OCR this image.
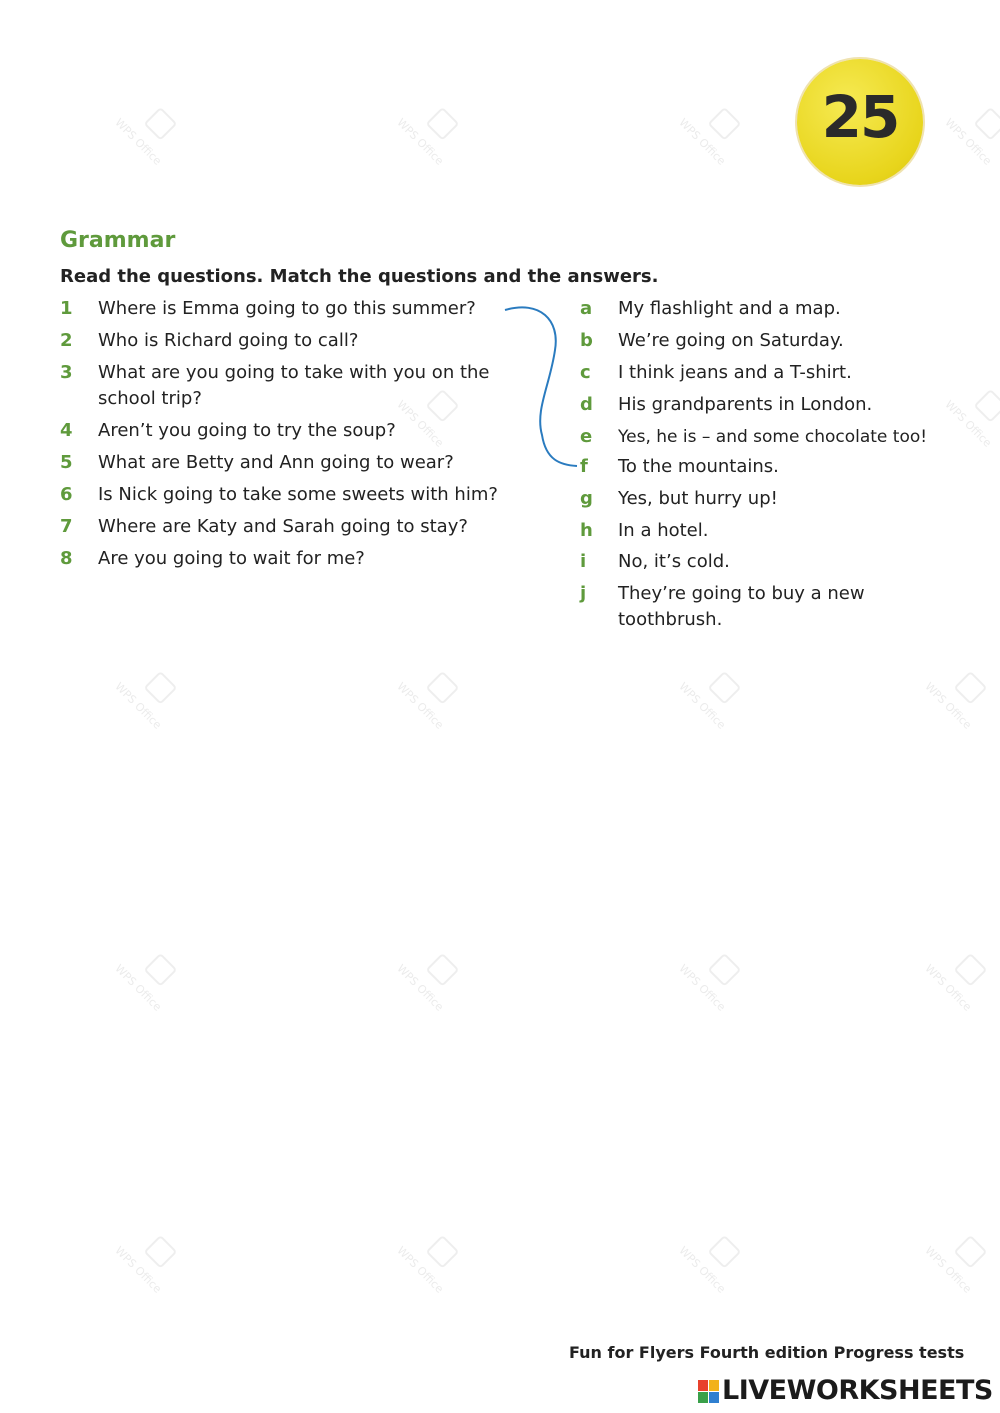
WPS Office	WPS Office	WPS Office	WPS Office
WPS Office	WPS Office
WPS Office	WPS Office	WPS Office	WPS Office
WPS Office	WPS Office	WPS Office	WPS Office
WPS Office	WPS Office	WPS Office	WPS Office
25
Grammar
Read the questions. Match the questions and the answers.
1 Where is Emma going to go this summer?
2 Who is Richard going to call?
3 What are you going to take with you on the school trip?
4 Aren’t you going to try the soup?
5 What are Betty and Ann going to wear?
6 Is Nick going to take some sweets with him?
7 Where are Katy and Sarah going to stay?
8 Are you going to wait for me?
a My flashlight and a map.
b We’re going on Saturday.
c I think jeans and a T-shirt.
d His grandparents in London.
e Yes, he is – and some chocolate too!
f To the mountains.
g Yes, but hurry up!
h In a hotel.
i No, it’s cold.
j They’re going to buy a new toothbrush.
Fun for Flyers Fourth edition Progress tests
LIVEWORKSHEETS
